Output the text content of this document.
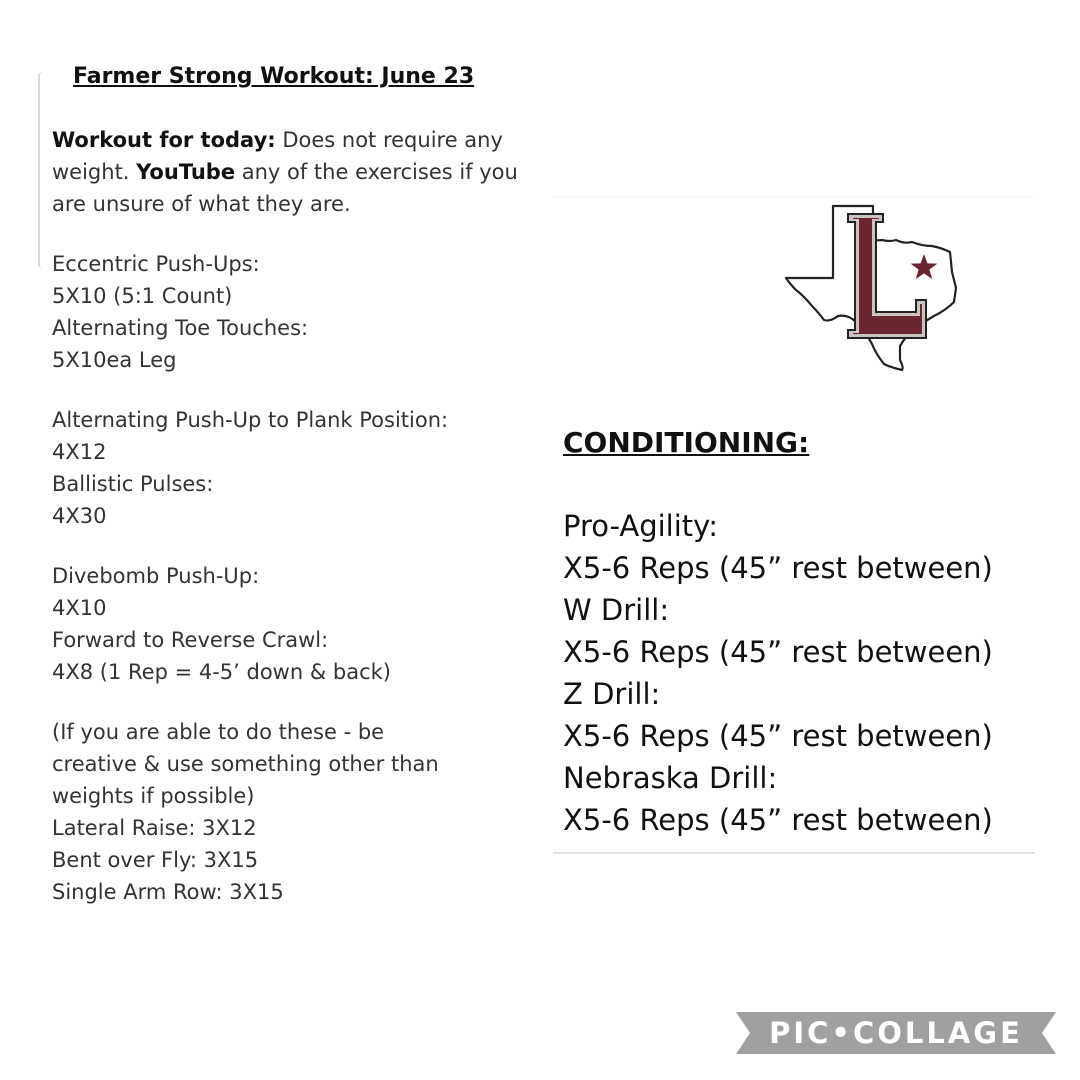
Farmer Strong Workout: June 23

Workout for today: Does not require any weight. YouTube any of the exercises if you are unsure of what they are.

Eccentric Push-Ups:
5X10 (5:1 Count)
Alternating Toe Touches:
5X10ea Leg
Alternating Push-Up to Plank Position:
4X12
Ballistic Pulses:
4X30
Divebomb Push-Up:
4X10
Forward to Reverse Crawl:
4X8 (1 Rep = 4-5’ down & back)
(If you are able to do these - be
creative & use something other than
weights if possible)
Lateral Raise: 3X12
Bent over Fly: 3X15
Single Arm Row: 3X15
CONDITIONING:
Pro-Agility:
X5-6 Reps (45” rest between)
W Drill:
X5-6 Reps (45” rest between)
Z Drill:
X5-6 Reps (45” rest between)
Nebraska Drill:
X5-6 Reps (45” rest between)
PIC•COLLAGE
